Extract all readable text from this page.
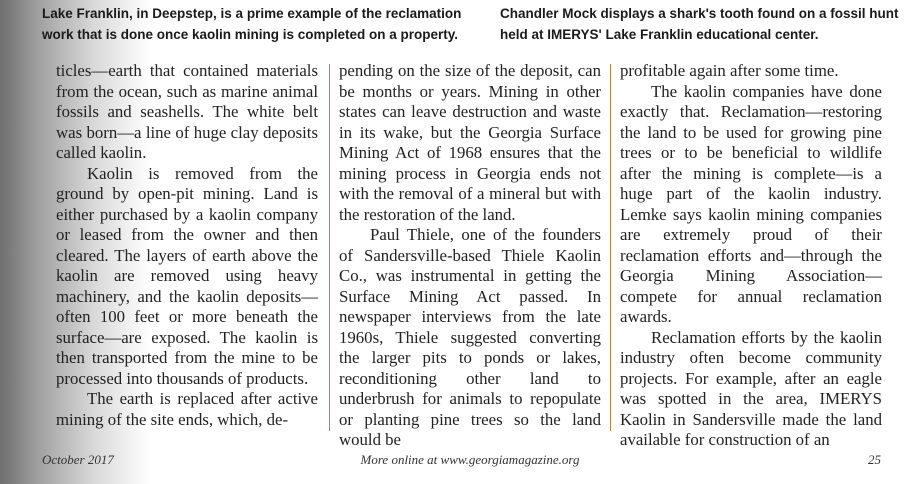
Lake Franklin, in Deepstep, is a prime example of the reclamation work that is done once kaolin mining is completed on a property.

Chandler Mock displays a shark's tooth found on a fossil hunt held at IMERYS' Lake Franklin educational center.

ticles—earth that contained materials from the ocean, such as marine animal fossils and seashells. The white belt was born—a line of huge clay deposits called kaolin.

Kaolin is removed from the ground by open-pit mining. Land is either purchased by a kaolin company or leased from the owner and then cleared. The layers of earth above the kaolin are removed using heavy machinery, and the kaolin deposits—often 100 feet or more beneath the surface—are exposed. The kaolin is then transported from the mine to be processed into thousands of products.

The earth is replaced after active mining of the site ends, which, de-

pending on the size of the deposit, can be months or years. Mining in other states can leave destruction and waste in its wake, but the Georgia Surface Mining Act of 1968 ensures that the mining process in Georgia ends not with the removal of a mineral but with the restoration of the land.

Paul Thiele, one of the founders of Sandersville-based Thiele Kaolin Co., was instrumental in getting the Surface Mining Act passed. In newspaper interviews from the late 1960s, Thiele suggested converting the larger pits to ponds or lakes, reconditioning other land to underbrush for animals to repopulate or planting pine trees so the land would be

profitable again after some time.

The kaolin companies have done exactly that. Reclamation—restoring the land to be used for growing pine trees or to be beneficial to wildlife after the mining is complete—is a huge part of the kaolin industry. Lemke says kaolin mining companies are extremely proud of their reclamation efforts and—through the Georgia Mining Association—compete for annual reclamation awards.

Reclamation efforts by the kaolin industry often become community projects. For example, after an eagle was spotted in the area, IMERYS Kaolin in Sandersville made the land available for construction of an

October 2017	More online at www.georgiamagazine.org	25
